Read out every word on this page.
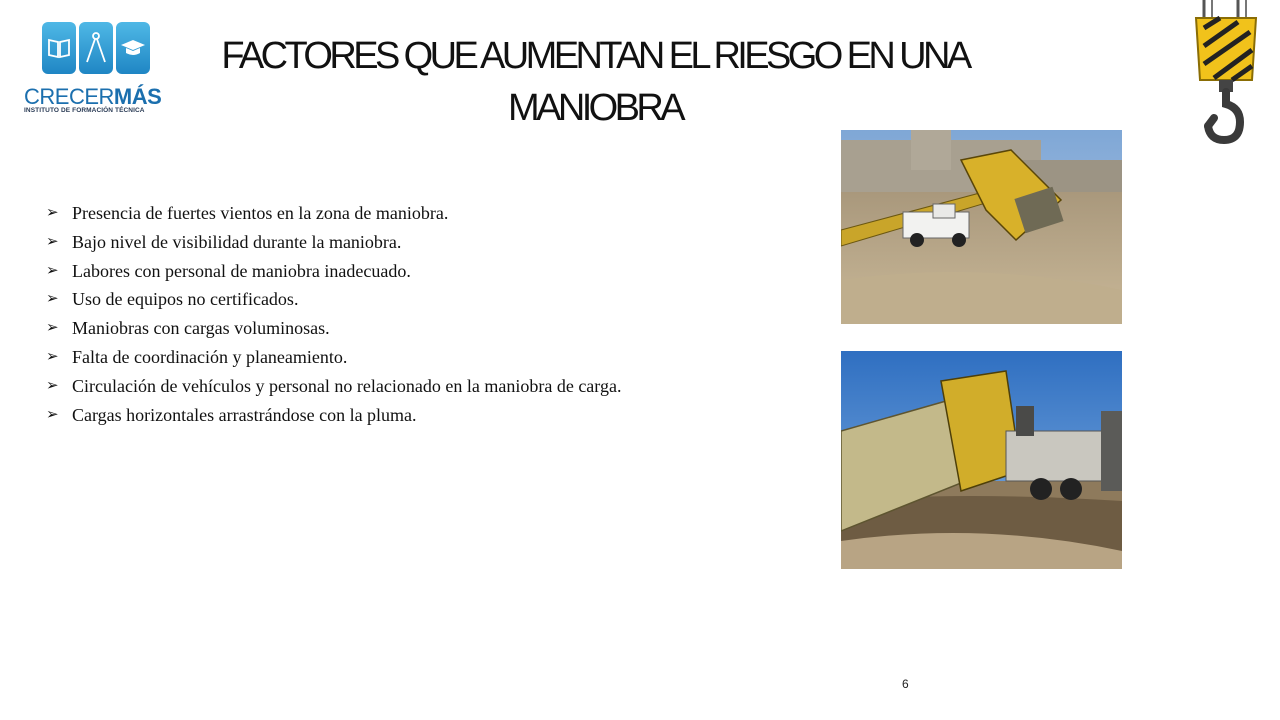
CRECERMÁS
INSTITUTO DE FORMACIÓN TÉCNICA
FACTORES QUE AUMENTAN EL RIESGO EN UNA
MANIOBRA
➢ Presencia de fuertes vientos en la zona de maniobra.
➢ Bajo nivel de visibilidad durante la maniobra.
➢ Labores con personal de maniobra inadecuado.
➢ Uso de equipos no certificados.
➢ Maniobras con cargas voluminosas.
➢ Falta de coordinación y planeamiento.
➢ Circulación de vehículos y personal no relacionado en la maniobra de carga.
➢ Cargas horizontales arrastrándose con la pluma.
6
